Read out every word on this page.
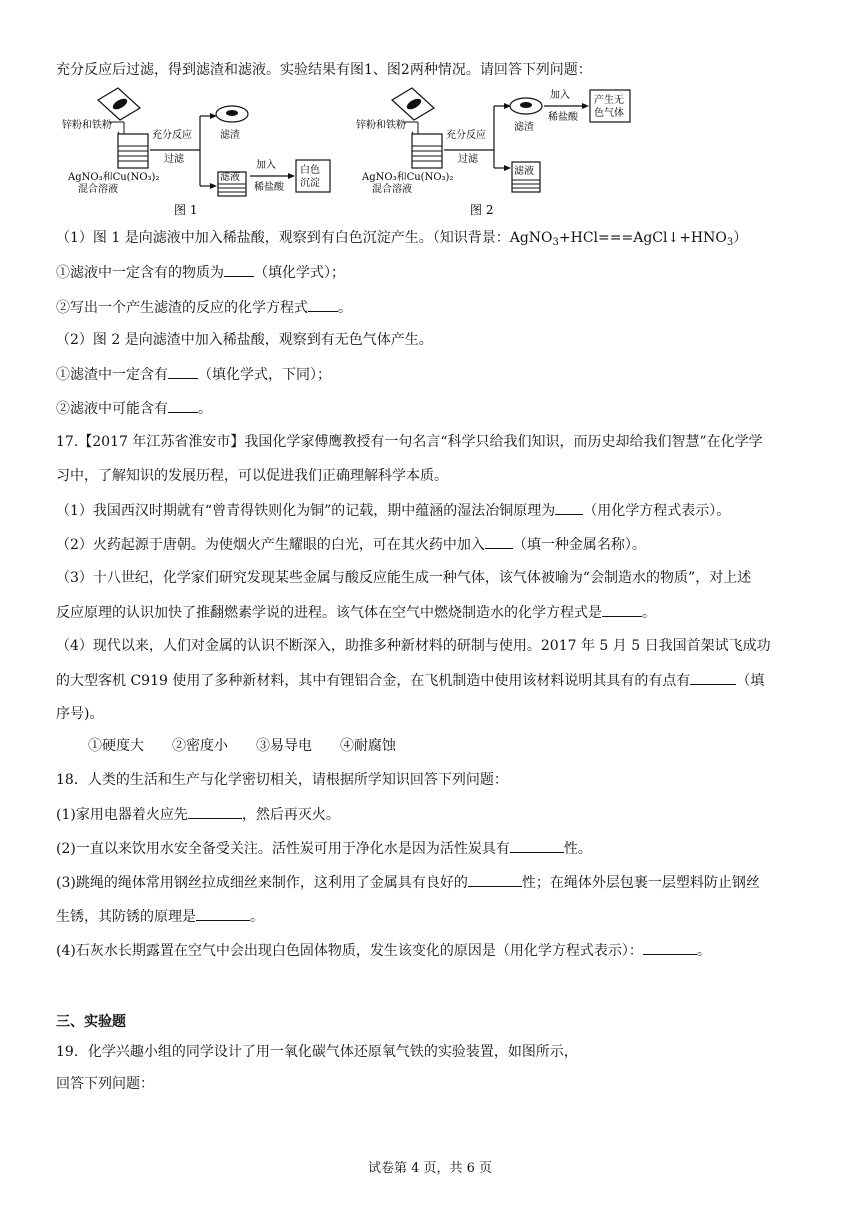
充分反应后过滤，得到滤渣和滤液。实验结果有图1、图2两种情况。请回答下列问题：
锌粉和铁粉
AgNO₃和Cu(NO₃)₂
混合溶液
充分反应
过滤
滤渣
滤液
加入
稀盐酸
白色
沉淀
图 1
锌粉和铁粉
AgNO₃和Cu(NO₃)₂
混合溶液
充分反应
过滤
滤渣
加入
稀盐酸
产生无
色气体
滤液
图 2
（1）图 1 是向滤液中加入稀盐酸，观察到有白色沉淀产生。（知识背景：$AgNO_3+HCl===AgCl↓+HNO_3$）
①滤液中一定含有的物质为 （填化学式）；
②写出一个产生滤渣的反应的化学方程式 。
（2）图 2 是向滤渣中加入稀盐酸，观察到有无色气体产生。
①滤渣中一定含有 （填化学式，下同）；
②滤液中可能含有 。
17.【2017 年江苏省淮安市】我国化学家傅鹰教授有一句名言“科学只给我们知识，而历史却给我们智慧”在化学学
习中，了解知识的发展历程，可以促进我们正确理解科学本质。
（1）我国西汉时期就有“曾青得铁则化为铜”的记载，期中蕴涵的湿法冶铜原理为 （用化学方程式表示）。
（2）火药起源于唐朝。为使烟火产生耀眼的白光，可在其火药中加入 （填一种金属名称）。
（3）十八世纪，化学家们研究发现某些金属与酸反应能生成一种气体，该气体被喻为“会制造水的物质”，对上述
反应原理的认识加快了推翻燃素学说的进程。该气体在空气中燃烧制造水的化学方程式是	。
（4）现代以来，人们对金属的认识不断深入，助推多种新材料的研制与使用。2017 年 5 月 5 日我国首架试飞成功
的大型客机 C919 使用了多种新材料，其中有锂铝合金，在飞机制造中使用该材料说明其具有的有点有	（填
序号)。
①硬度大　　②密度小　　③易导电　　④耐腐蚀
18．人类的生活和生产与化学密切相关，请根据所学知识回答下列问题：
(1)家用电器着火应先	，然后再灭火。
(2)一直以来饮用水安全备受关注。活性炭可用于净化水是因为活性炭具有	性。
(3)跳绳的绳体常用钢丝拉成细丝来制作，这利用了金属具有良好的	性；在绳体外层包裹一层塑料防止钢丝
生锈，其防锈的原理是	。
(4)石灰水长期露置在空气中会出现白色固体物质，发生该变化的原因是（用化学方程式表示）：	。
三、实验题
19．化学兴趣小组的同学设计了用一氧化碳气体还原氧气铁的实验装置，如图所示，
回答下列问题：
试卷第 4 页，共 6 页
